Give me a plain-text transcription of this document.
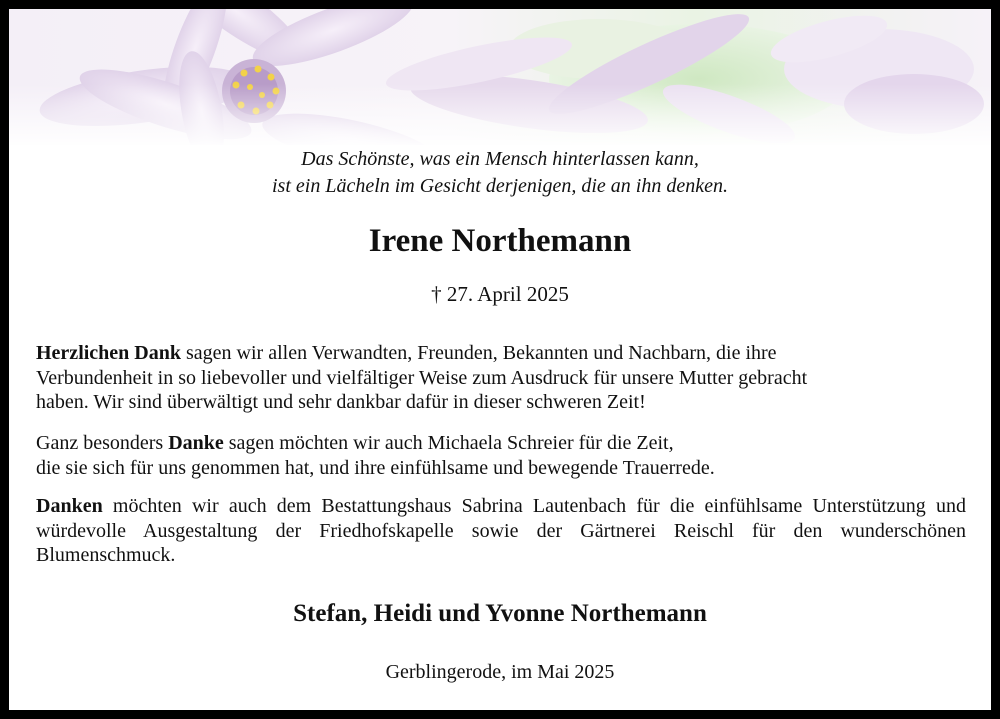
Das Schönste, was ein Mensch hinterlassen kann,
ist ein Lächeln im Gesicht derjenigen, die an ihn denken.
Irene Northemann
† 27. April 2025
Herzlichen Dank sagen wir allen Verwandten, Freunden, Bekannten und Nachbarn, die ihre
Verbundenheit in so liebevoller und vielfältiger Weise zum Ausdruck für unsere Mutter gebracht
haben. Wir sind überwältigt und sehr dankbar dafür in dieser schweren Zeit!
Ganz besonders Danke sagen möchten wir auch Michaela Schreier für die Zeit,
die sie sich für uns genommen hat, und ihre einfühlsame und bewegende Trauerrede.
Danken möchten wir auch dem Bestattungshaus Sabrina Lautenbach für die einfühlsame Unterstützung und würdevolle Ausgestaltung der Friedhofskapelle sowie der Gärtnerei Reischl für den wunderschönen Blumenschmuck.
Stefan, Heidi und Yvonne Northemann
Gerblingerode, im Mai 2025
